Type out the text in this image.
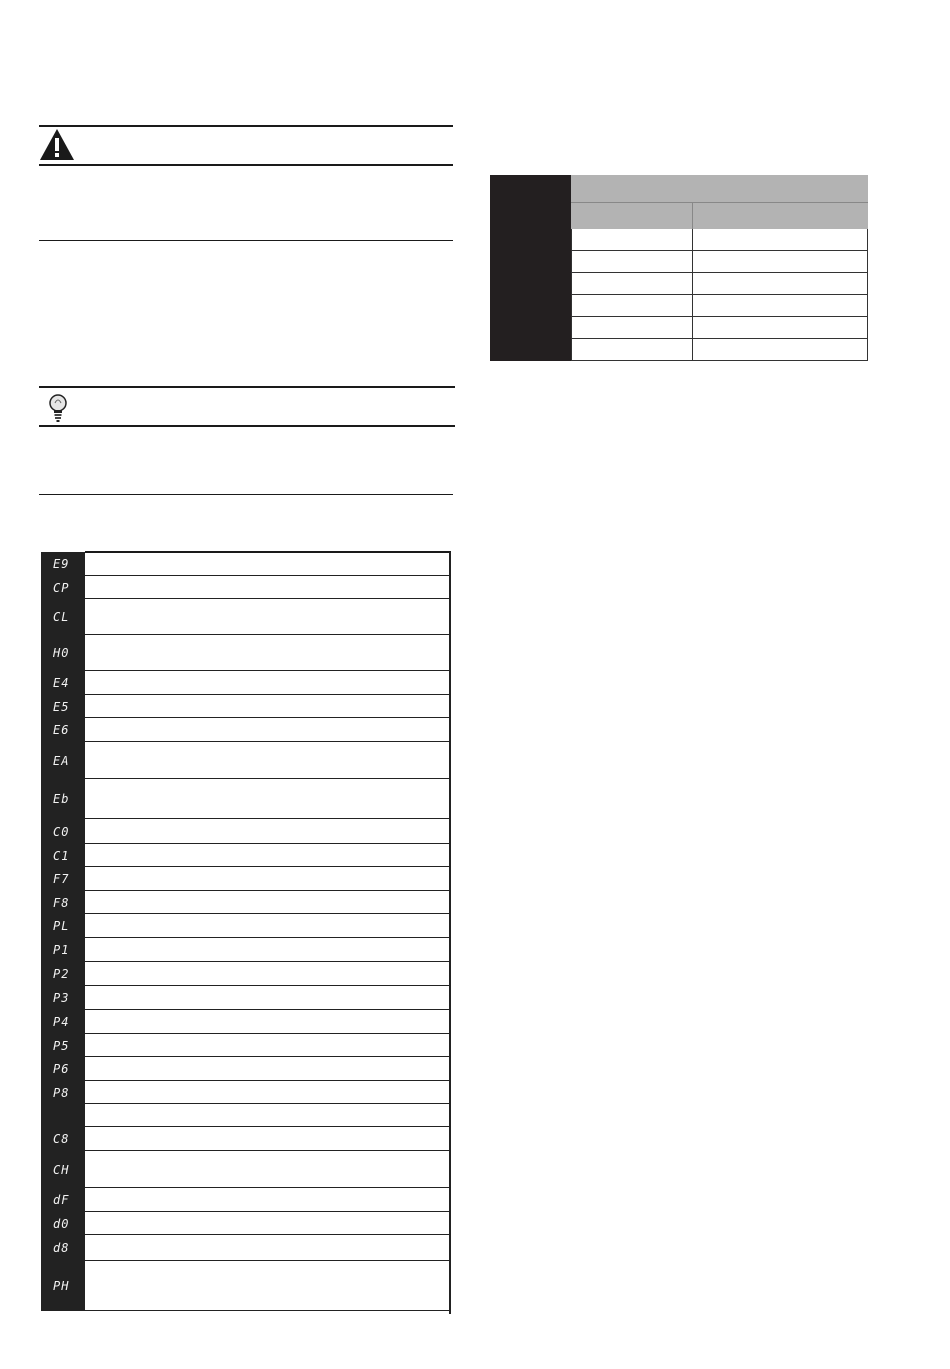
E9
CP
CL
H0
E4
E5
E6
EA
Eb
C0
C1
F7
F8
PL
P1
P2
P3
P4
P5
P6
P8
C8
CH
dF
d0
d8
PH
